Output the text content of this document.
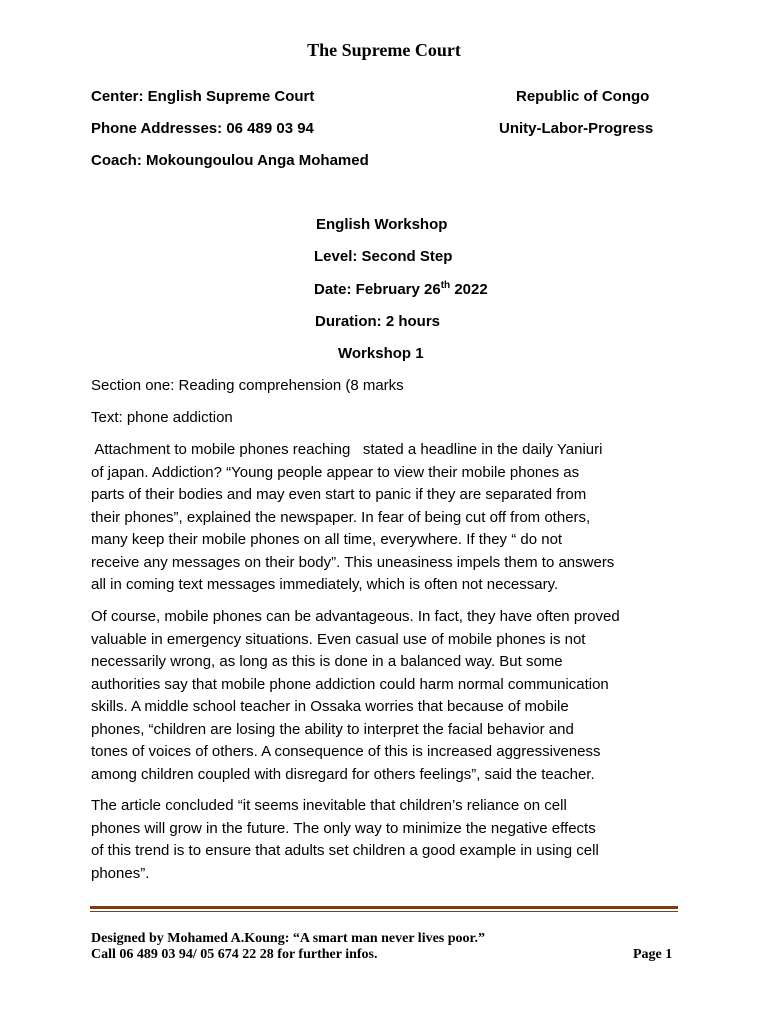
The Supreme Court
Center: English Supreme Court
Phone Addresses: 06 489 03 94
Coach: Mokoungoulou Anga Mohamed
Republic of Congo
Unity-Labor-Progress
English Workshop
Level: Second Step
Date: February 26th 2022
Duration: 2 hours
Workshop 1
Section one: Reading comprehension (8 marks
Text: phone addiction
Attachment to mobile phones reaching   stated a headline in the daily Yaniuri
of japan. Addiction? “Young people appear to view their mobile phones as
parts of their bodies and may even start to panic if they are separated from
their phones”, explained the newspaper. In fear of being cut off from others,
many keep their mobile phones on all time, everywhere. If they “ do not
receive any messages on their body”. This uneasiness impels them to answers
all in coming text messages immediately, which is often not necessary.
Of course, mobile phones can be advantageous. In fact, they have often proved
valuable in emergency situations. Even casual use of mobile phones is not
necessarily wrong, as long as this is done in a balanced way. But some
authorities say that mobile phone addiction could harm normal communication
skills. A middle school teacher in Ossaka worries that because of mobile
phones, “children are losing the ability to interpret the facial behavior and
tones of voices of others. A consequence of this is increased aggressiveness
among children coupled with disregard for others feelings”, said the teacher.
The article concluded “it seems inevitable that children’s reliance on cell
phones will grow in the future. The only way to minimize the negative effects
of this trend is to ensure that adults set children a good example in using cell
phones”.
Designed by Mohamed A.Koung: “A smart man never lives poor.”
Call 06 489 03 94/ 05 674 22 28 for further infos.	Page 1
